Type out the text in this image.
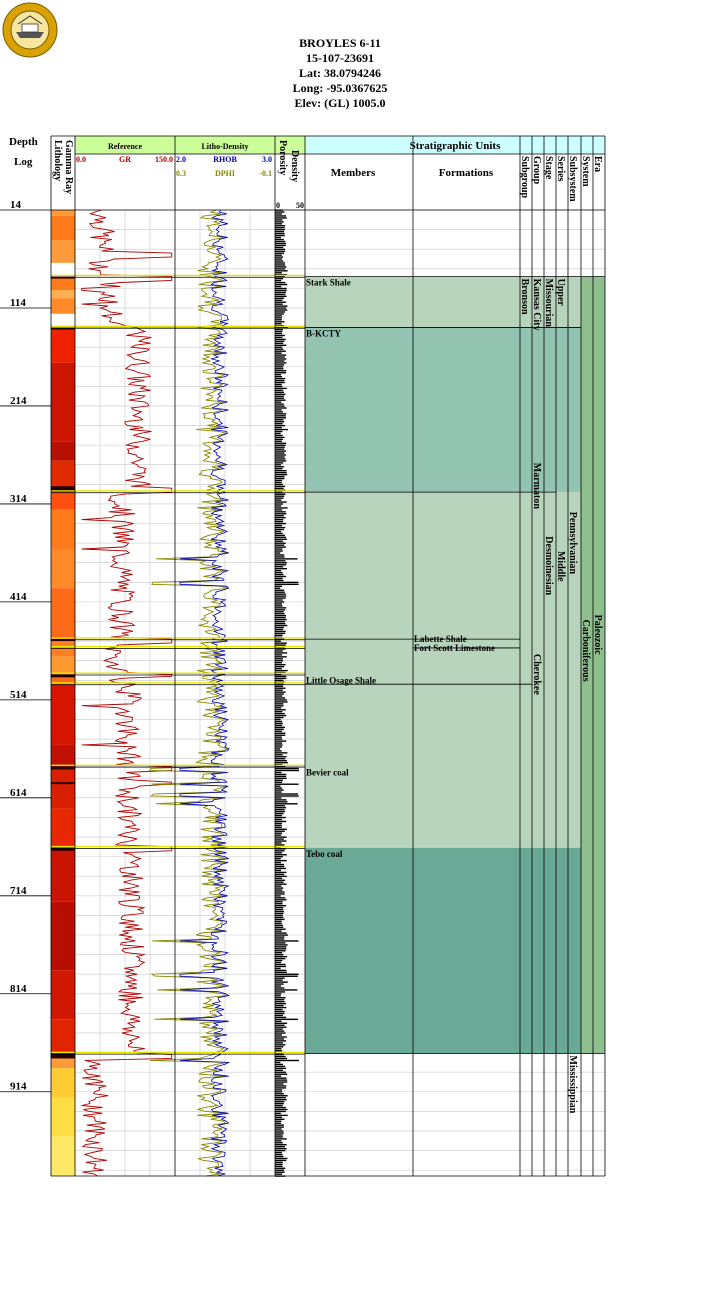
BROYLES 6-11
15-107-23691
Lat: 38.0794246
Long: -95.0367625
Elev: (GL) 1005.0
Depth
Log Lithology Gamma Ray	Reference
0.0	GR	150.0
Litho-Density
2.0	RHOB	3.0
0.3	DPHI	-0.1 Porosity Density
0 50
Stratigraphic Units
Members	Formations	Subgroup Group Stage Series Subsystem System Era
14
114
214
314
414
514
614
714
814
914
Stark Shale
B-KCTY
Little Osage Shale
Bevier coal
Tebo coal
Labette Shale
Fort Scott Limestone
Bronson Kansas City
Marmaton
Cherokee
Missourian
Desmoinesian
Upper
Middle Pennsylvanian
Mississippian
Carboniferous Paleozoic
